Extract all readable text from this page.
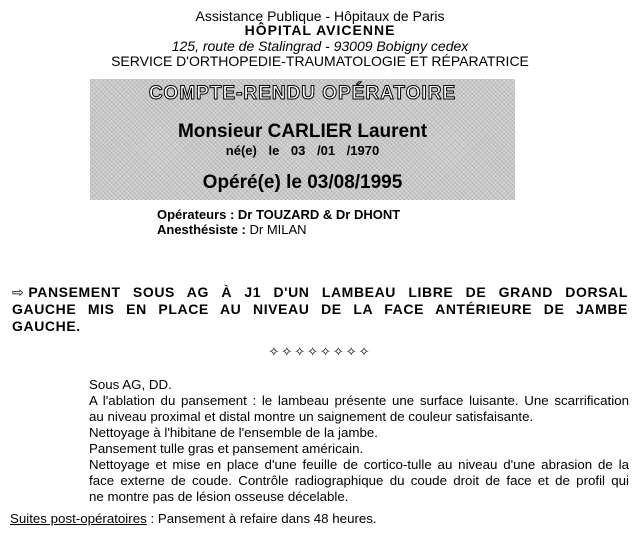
Assistance Publique - Hôpitaux de Paris
HÔPITAL AVICENNE
125, route de Stalingrad - 93009 Bobigny cedex
SERVICE D'ORTHOPEDIE-TRAUMATOLOGIE ET RÉPARATRICE
COMPTE-RENDU OPÉRATOIRE
Monsieur CARLIER Laurent
né(e) le 03 /01 /1970
Opéré(e) le 03/08/1995
Opérateurs : Dr TOUZARD & Dr DHONT
Anesthésiste : Dr MILAN
⇨ PANSEMENT SOUS AG À J1 D'UN LAMBEAU LIBRE DE GRAND DORSAL
GAUCHE MIS EN PLACE AU NIVEAU DE LA FACE ANTÉRIEURE DE JAMBE
GAUCHE.
✧✧✧✧✧✧✧✧
Sous AG, DD.
A l'ablation du pansement : le lambeau présente une surface luisante. Une scarrification
au niveau proximal et distal montre un saignement de couleur satisfaisante.
Nettoyage à l'hibitane de l'ensemble de la jambe.
Pansement tulle gras et pansement américain.
Nettoyage et mise en place d'une feuille de cortico-tulle au niveau d'une abrasion de la
face externe de coude. Contrôle radiographique du coude droit de face et de profil qui
ne montre pas de lésion osseuse décelable.
Suites post-opératoires : Pansement à refaire dans 48 heures.
